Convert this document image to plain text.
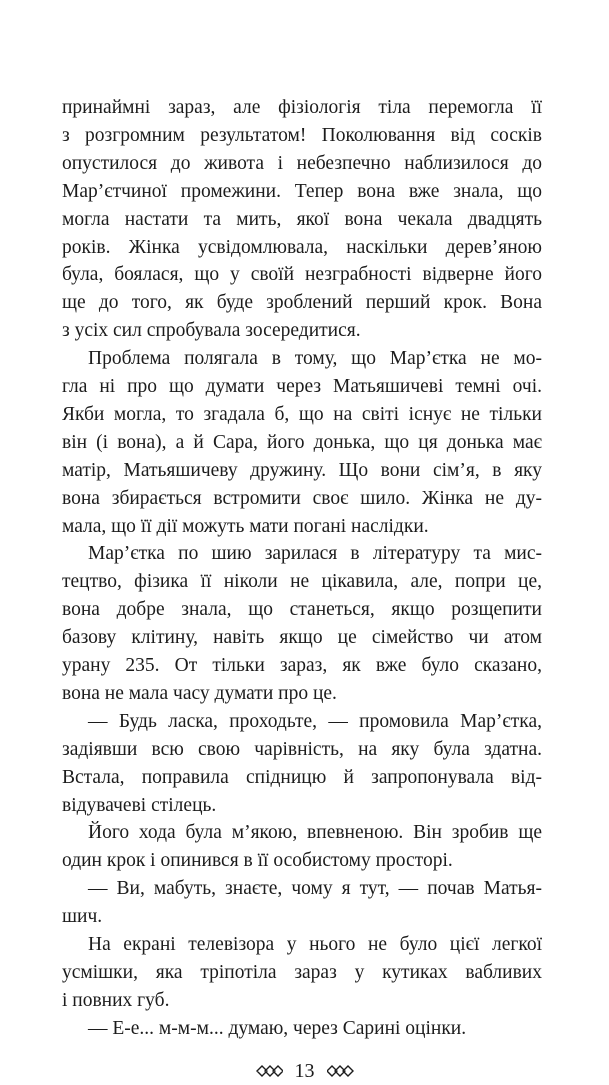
принаймні зараз, але фізіологія тіла перемогла її
з розгромним результатом! Поколювання від сосків
опустилося до живота і небезпечно наблизилося до
Мар’єтчиної промежини. Тепер вона вже знала, що
могла настати та мить, якої вона чекала двадцять
років. Жінка усвідомлювала, наскільки дерев’яною
була, боялася, що у своїй незграбності відверне його
ще до того, як буде зроблений перший крок. Вона
з усіх сил спробувала зосередитися.
Проблема полягала в тому, що Мар’єтка не мо-
гла ні про що думати через Матьяшичеві темні очі.
Якби могла, то згадала б, що на світі існує не тільки
він (і вона), а й Сара, його донька, що ця донька має
матір, Матьяшичеву дружину. Що вони сім’я, в яку
вона збирається встромити своє шило. Жінка не ду-
мала, що її дії можуть мати погані наслідки.
Мар’єтка по шию зарилася в літературу та мис-
тецтво, фізика її ніколи не цікавила, але, попри це,
вона добре знала, що станеться, якщо розщепити
базову клітину, навіть якщо це сімейство чи атом
урану 235. От тільки зараз, як вже було сказано,
вона не мала часу думати про це.
— Будь ласка, проходьте, — промовила Мар’єтка,
задіявши всю свою чарівність, на яку була здатна.
Встала, поправила спідницю й запропонувала від-
відувачеві стілець.
Його хода була м’якою, впевненою. Він зробив ще
один крок і опинився в її особистому просторі.
— Ви, мабуть, знаєте, чому я тут, — почав Матья-
шич.
На екрані телевізора у нього не було цієї легкої
усмішки, яка тріпотіла зараз у кутиках вабливих
і повних губ.
— Е-е... м-м-м... думаю, через Сарині оцінки.
13
